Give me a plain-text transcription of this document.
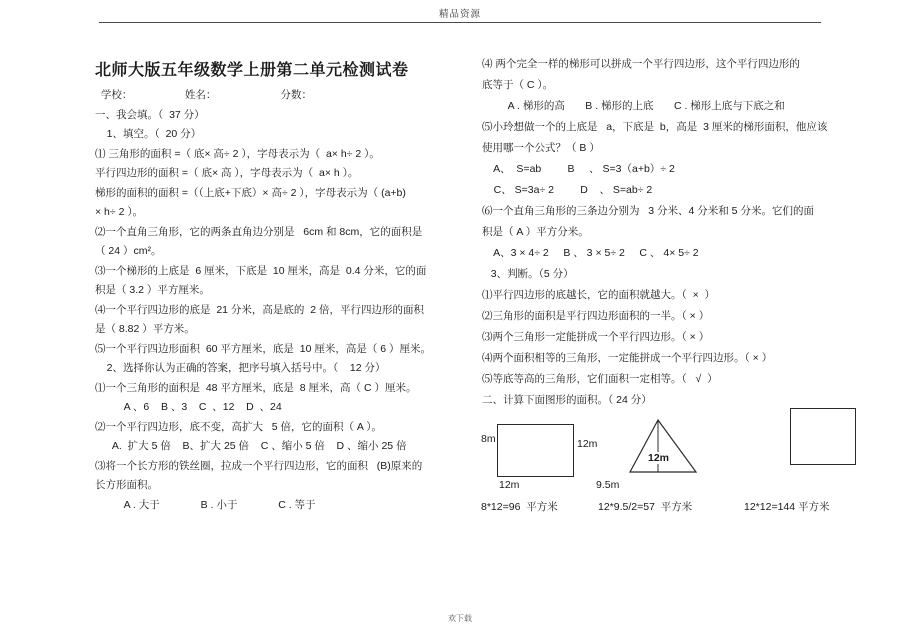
精品资源
北师大版五年级数学上册第二单元检测试卷
学校：                  姓名：                      分数：
一、我会填。（  37 分）
1、填空。（  20 分）
⑴ 三角形的面积 =（ 底× 高÷ 2 ），字母表示为（  a× h÷ 2 ）。
平行四边形的面积 =（ 底× 高 ），字母表示为（  a× h ）。
梯形的面积的面积 =（（上底+下底）× 高÷ 2 ），字母表示为（ (a+b)
× h÷ 2 ）。
⑵一个直角三角形，它的两条直角边分别是   6cm 和 8cm，它的面积是
（ 24 ）cm²。
⑶一个梯形的上底是  6 厘米，下底是  10 厘米，高是  0.4 分米，它的面
积是（ 3.2 ）平方厘米。
⑷一个平行四边形的底是  21 分米，高是底的  2 倍，平行四边形的面积
是（ 8.82 ）平方米。
⑸一个平行四边形面积  60 平方厘米，底是  10 厘米，高是（ 6 ）厘米。
2、选择你认为正确的答案，把序号填入括号中。（    12 分）
⑴一个三角形的面积是  48 平方厘米，底是  8 厘米，高（ C ）厘米。
A 、6    B 、3    C  、12    D  、24
⑵一个平行四边形，底不变，高扩大   5 倍，它的面积（ A ）。
A.  扩大 5 倍    B、扩大 25 倍    C 、缩小 5 倍    D 、缩小 25 倍
⑶将一个长方形的铁丝圈，拉成一个平行四边形，它的面积   (B)原来的
长方形面积。
A . 大于              B . 小于              C . 等于
⑷ 两个完全一样的梯形可以拼成一个平行四边形，这个平行四边形的
底等于（ C ）。
A . 梯形的高       B . 梯形的上底       C . 梯形上底与下底之和
⑸小玲想做一个的上底是   a，下底是  b，高是  3 厘米的梯形面积，他应该
使用哪一个公式？（ B ）
A、  S=ab         B     、 S=3（a+b）÷ 2
C、 S=3a÷ 2         D    、 S=ab÷ 2
⑹一个直角三角形的三条边分别为   3 分米、4 分米和 5 分米。它们的面
积是（ A ）平方分米。
A、3 × 4÷ 2     B 、 3 × 5÷ 2     C 、 4× 5÷ 2
3、判断。（5 分）
⑴平行四边形的底越长，它的面积就越大。（  ×  ）
⑵三角形的面积是平行四边形面积的一半。（ × ）
⑶两个三角形一定能拼成一个平行四边形。（ × ）
⑷两个面积相等的三角形，一定能拼成一个平行四边形。（ × ）
⑸等底等高的三角形，它们面积一定相等。（   √  ）
二、计算下面图形的面积。（ 24 分）
8m	12m
12m
12m
9.5m
8*12=96  平方米	12*9.5/2=57  平方米	12*12=144 平方米
欢下载
